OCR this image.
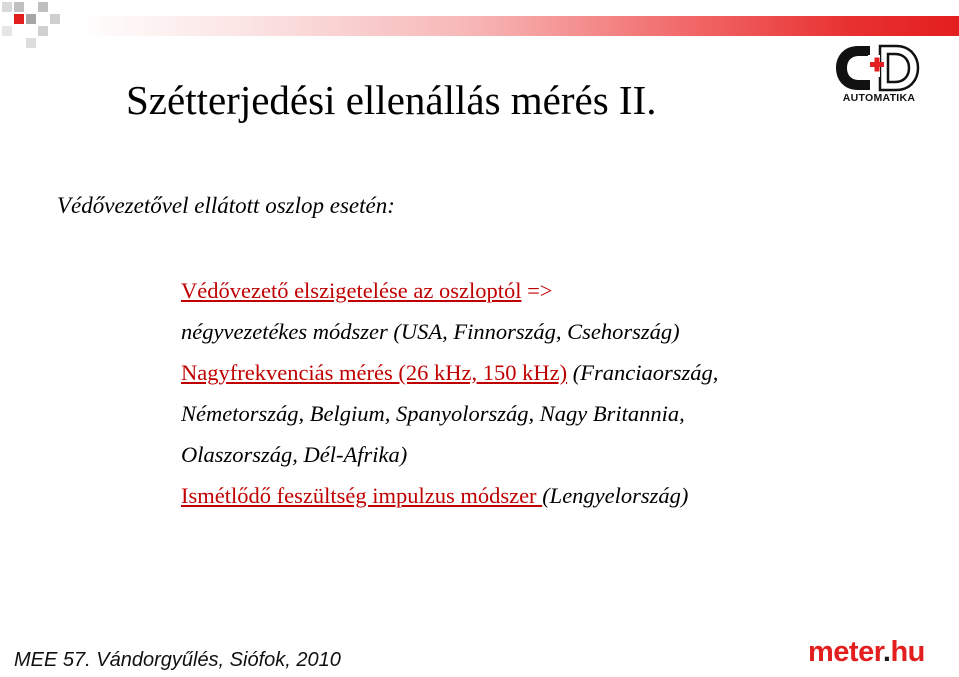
AUTOMATIKA
Szétterjedési ellenállás mérés II.
Védővezetővel ellátott oszlop esetén:
Védővezető elszigetelése az oszloptól =>
négyvezetékes módszer (USA, Finnország, Csehország)
Nagyfrekvenciás mérés (26 kHz, 150 kHz) (Franciaország,
Németország, Belgium, Spanyolország, Nagy Britannia,
Olaszország, Dél-Afrika)
Ismétlődő feszültség impulzus módszer (Lengyelország)
MEE 57. Vándorgyűlés, Siófok, 2010	meter.hu
